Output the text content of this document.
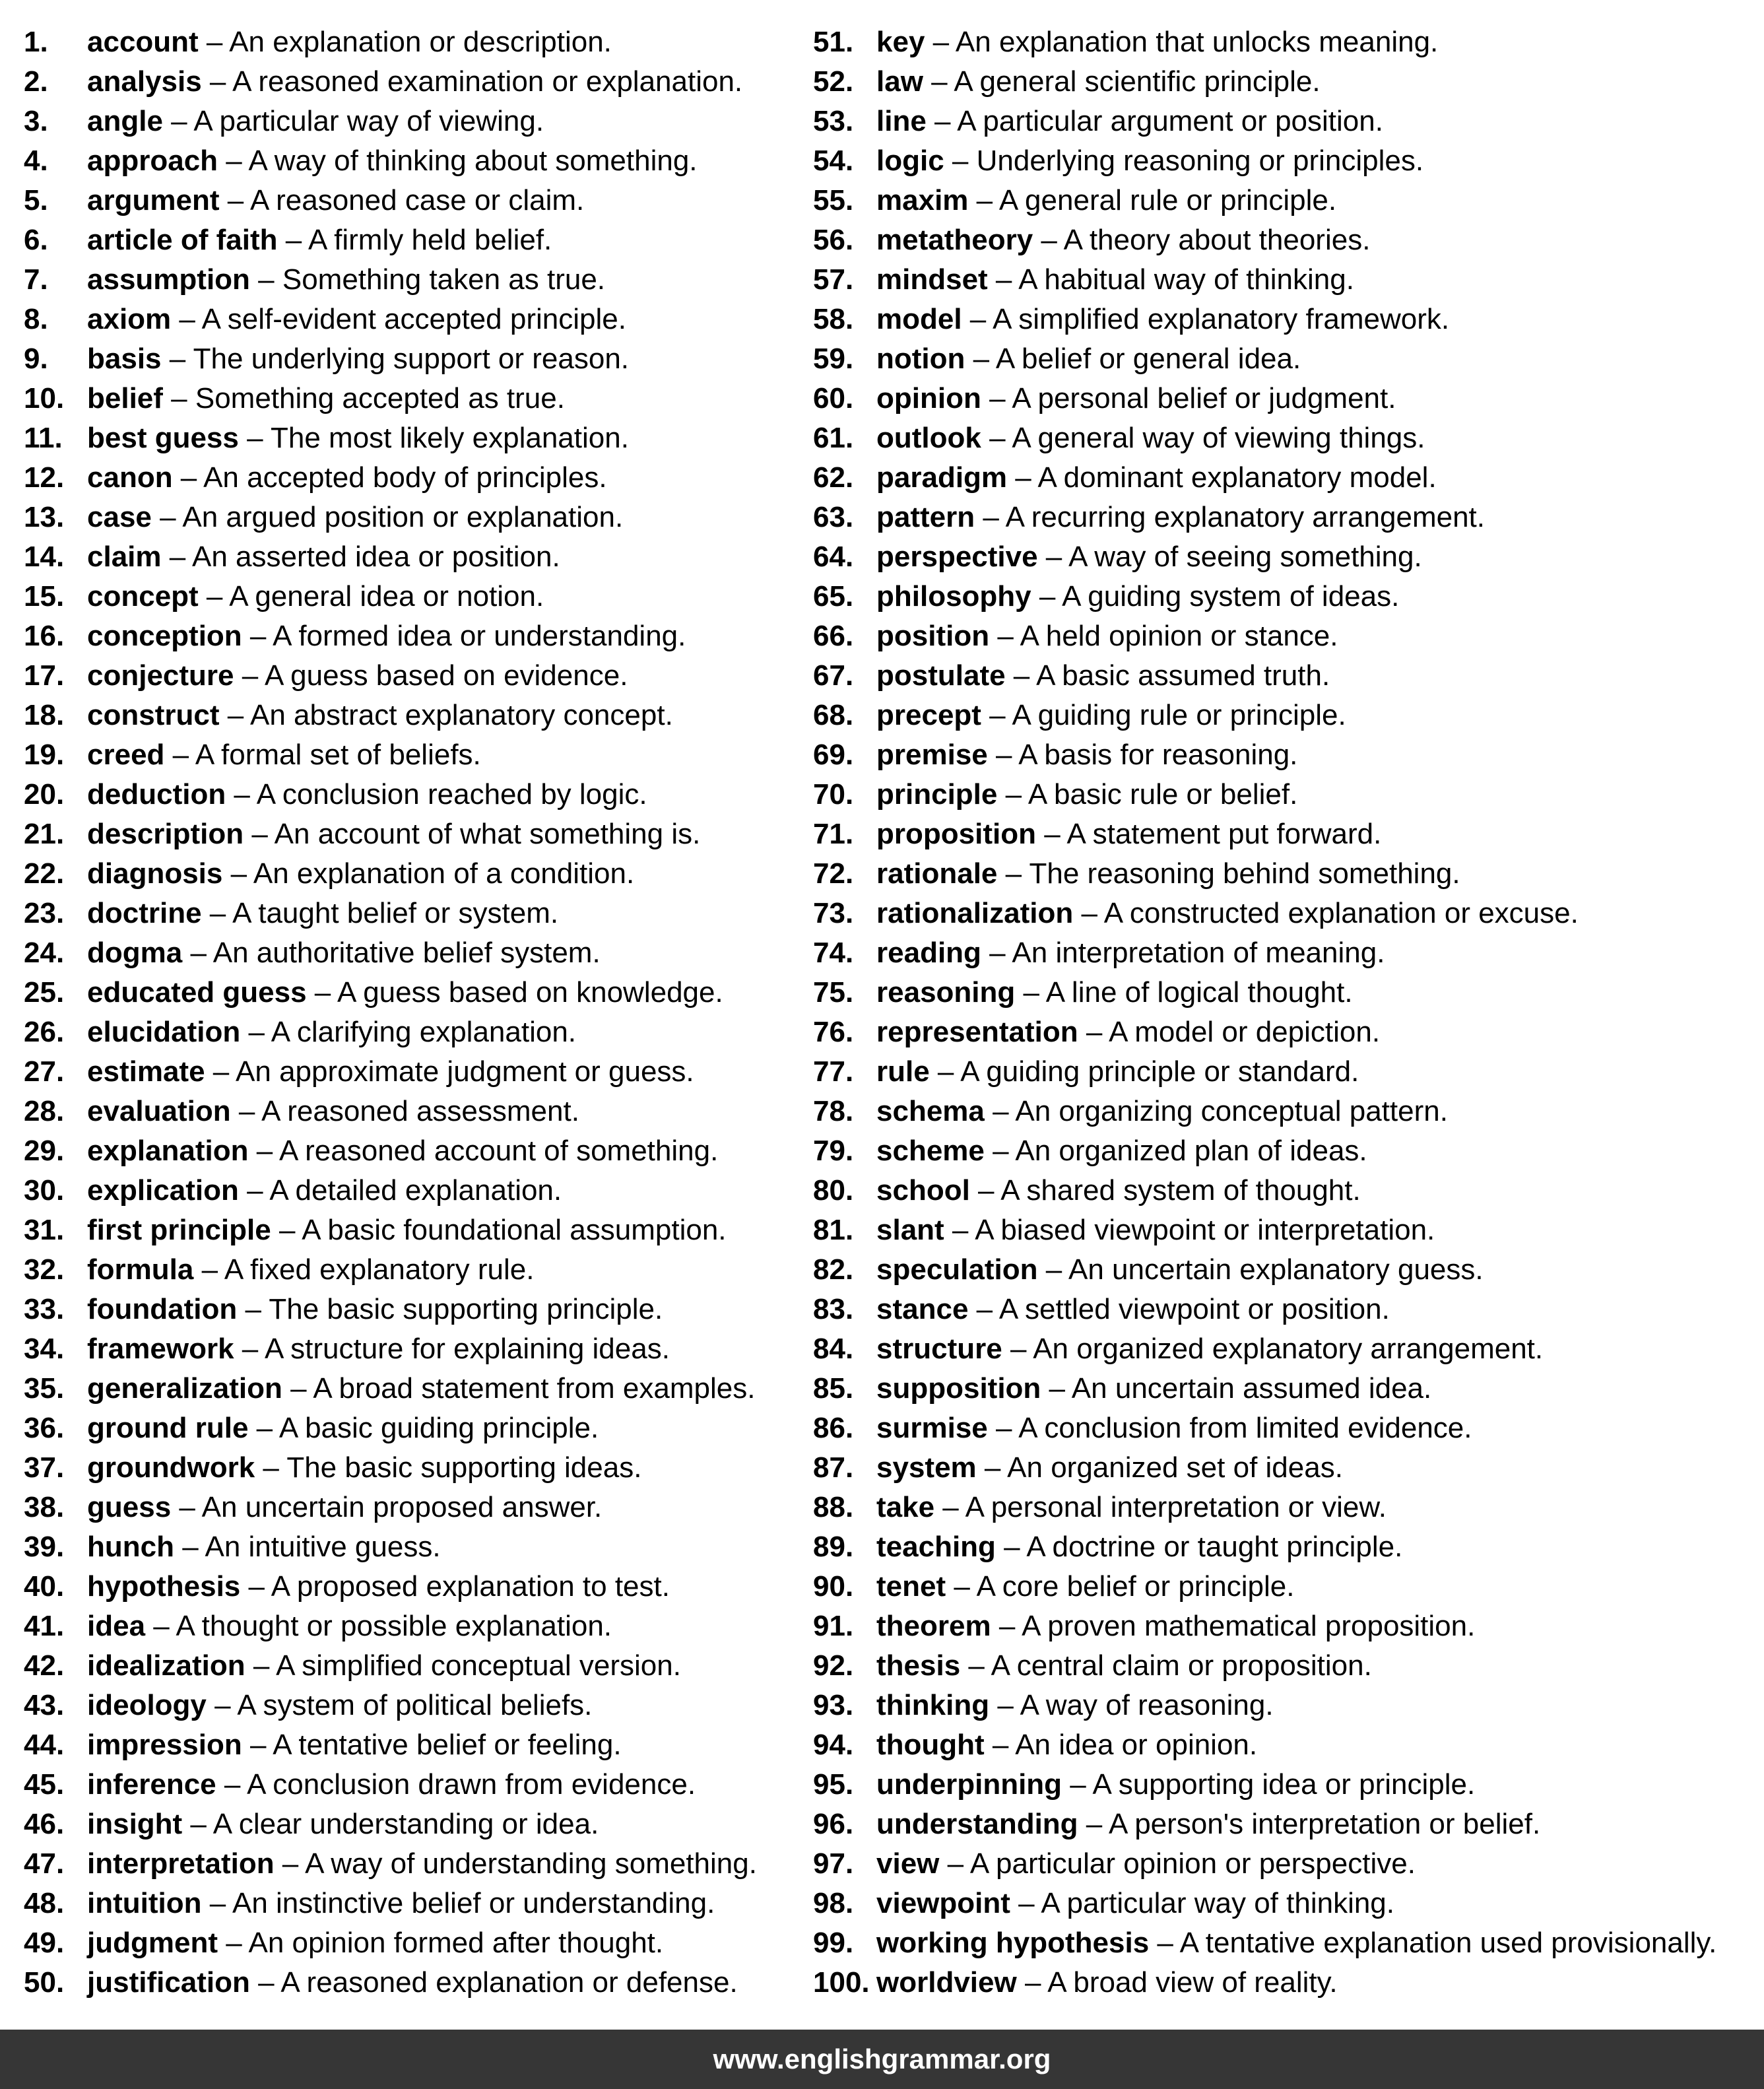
1.	account – An explanation or description.
2.	analysis – A reasoned examination or explanation.
3.	angle – A particular way of viewing.
4.	approach – A way of thinking about something.
5.	argument – A reasoned case or claim.
6.	article of faith – A firmly held belief.
7.	assumption – Something taken as true.
8.	axiom – A self-evident accepted principle.
9.	basis – The underlying support or reason.
10. belief – Something accepted as true.
11. best guess – The most likely explanation.
12. canon – An accepted body of principles.
13. case – An argued position or explanation.
14. claim – An asserted idea or position.
15. concept – A general idea or notion.
16. conception – A formed idea or understanding.
17. conjecture – A guess based on evidence.
18. construct – An abstract explanatory concept.
19. creed – A formal set of beliefs.
20. deduction – A conclusion reached by logic.
21. description – An account of what something is.
22. diagnosis – An explanation of a condition.
23. doctrine – A taught belief or system.
24. dogma – An authoritative belief system.
25. educated guess – A guess based on knowledge.
26. elucidation – A clarifying explanation.
27. estimate – An approximate judgment or guess.
28. evaluation – A reasoned assessment.
29. explanation – A reasoned account of something.
30. explication – A detailed explanation.
31. first principle – A basic foundational assumption.
32. formula – A fixed explanatory rule.
33. foundation – The basic supporting principle.
34. framework – A structure for explaining ideas.
35. generalization – A broad statement from examples.
36. ground rule – A basic guiding principle.
37. groundwork – The basic supporting ideas.
38. guess – An uncertain proposed answer.
39. hunch – An intuitive guess.
40. hypothesis – A proposed explanation to test.
41. idea – A thought or possible explanation.
42. idealization – A simplified conceptual version.
43. ideology – A system of political beliefs.
44. impression – A tentative belief or feeling.
45. inference – A conclusion drawn from evidence.
46. insight – A clear understanding or idea.
47. interpretation – A way of understanding something.
48. intuition – An instinctive belief or understanding.
49. judgment – An opinion formed after thought.
50. justification – A reasoned explanation or defense.
51. key – An explanation that unlocks meaning.
52. law – A general scientific principle.
53. line – A particular argument or position.
54. logic – Underlying reasoning or principles.
55. maxim – A general rule or principle.
56. metatheory – A theory about theories.
57. mindset – A habitual way of thinking.
58. model – A simplified explanatory framework.
59. notion – A belief or general idea.
60. opinion – A personal belief or judgment.
61. outlook – A general way of viewing things.
62. paradigm – A dominant explanatory model.
63. pattern – A recurring explanatory arrangement.
64. perspective – A way of seeing something.
65. philosophy – A guiding system of ideas.
66. position – A held opinion or stance.
67. postulate – A basic assumed truth.
68. precept – A guiding rule or principle.
69. premise – A basis for reasoning.
70. principle – A basic rule or belief.
71. proposition – A statement put forward.
72. rationale – The reasoning behind something.
73. rationalization – A constructed explanation or excuse.
74. reading – An interpretation of meaning.
75. reasoning – A line of logical thought.
76. representation – A model or depiction.
77. rule – A guiding principle or standard.
78. schema – An organizing conceptual pattern.
79. scheme – An organized plan of ideas.
80. school – A shared system of thought.
81. slant – A biased viewpoint or interpretation.
82. speculation – An uncertain explanatory guess.
83. stance – A settled viewpoint or position.
84. structure – An organized explanatory arrangement.
85. supposition – An uncertain assumed idea.
86. surmise – A conclusion from limited evidence.
87. system – An organized set of ideas.
88. take – A personal interpretation or view.
89. teaching – A doctrine or taught principle.
90. tenet – A core belief or principle.
91. theorem – A proven mathematical proposition.
92. thesis – A central claim or proposition.
93. thinking – A way of reasoning.
94. thought – An idea or opinion.
95. underpinning – A supporting idea or principle.
96. understanding – A person's interpretation or belief.
97. view – A particular opinion or perspective.
98. viewpoint – A particular way of thinking.
99. working hypothesis – A tentative explanation used provisionally.
100. worldview – A broad view of reality.
www.englishgrammar.org
